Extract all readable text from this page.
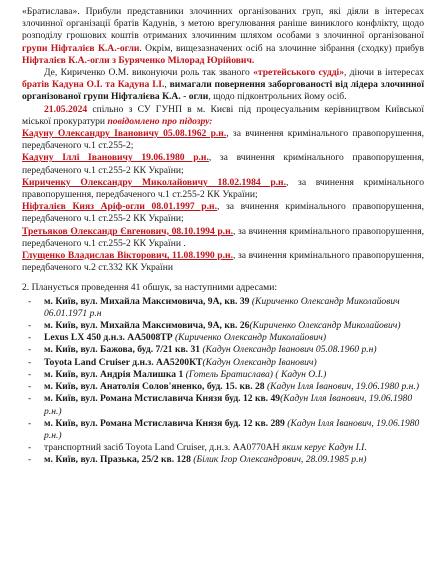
«Братиславa». Прибули представники злочинних організованих груп, які діяли в інтересах злочинної організації братів Кадунів, з метою врегулювання раніше виниклого конфлікту, щодо розподілу грошових коштів отриманих злочинним шляхом особами з злочинної організованої групи Ніфталієв К.А.-огли. Окрім, вищезазначених осіб на злочинне зібрання (сходку) прибув Ніфталієв К.А.-огли з Буряченко Мілорад Юрійович.

Де, Кириченко О.М. виконуючи роль так званого «третейського судді», діючи в інтересах братів Кадуна О.І. та Кадуна І.І., вимагали повернення заборгованості від лідера злочинної організованої групи Ніфталієва К.А. - огли, щодо підконтрольних йому осіб.

21.05.2024 спільно з СУ ГУНП в м. Києві під процесуальним керівництвом Київської міської прокуратури повідомлено про підозру:

Кадуну Олександру Івановичу 05.08.1962 р.н., за вчинення кримінального правопорушення, передбаченого ч.1 ст.255-2;

Кадуну Іллі Івановичу 19.06.1980 р.н., за вчинення кримінального правопорушення, передбаченого ч.1 ст.255-2 КК України;

Кириченку Олександру Миколайовичу 18.02.1984 р.н., за вчинення кримінального правопорушення, передбаченого ч.1 ст.255-2 КК України;

Ніфталієв Кияз Аріф-огли 08.01.1997 р.н., за вчинення кримінального правопорушення, передбаченого ч.1 ст.255-2 КК України;

Третьяков Олександр Євгенович, 08.10.1994 р.н., за вчинення кримінального правопорушення, передбаченого ч.1 ст.255-2 КК України .

Глущенко Владислав Вікторович, 11.08.1990 р.н., за вчинення кримінального правопорушення, передбаченого ч.2 ст.332 КК України

2. Планується проведення 41 обшук, за наступними адресами:

- м. Київ, вул. Михайла Максимовича, 9А, кв. 39 (Кириченко Олександр Миколайович 06.01.1971 р.н
- м. Київ, вул. Михайла Максимовича, 9А, кв. 26(Кириченко Олександр Миколайович)
- Lexus LX 450 д.н.з. АА5008ТР (Кириченко Олександр Миколайович)
- м. Київ, вул. Бажова, буд. 7/21 кв. 31 (Кадун Олександр Іванович 05.08.1960 р.н)
- Toyota Land Cruiser д.н.з. АА5200КТ(Кадун Олександр Іванович)
- м. Київ, вул. Андрія Малишка 1 (Готель Братислава) ( Кадун О.І.)
- м. Київ, вул. Анатолія Солов'яненко, буд. 15. кв. 28 (Кадун Ілля Іванович, 19.06.1980 р.н.)
- м. Київ, вул. Романа Мстиславича Князя буд. 12 кв. 49(Кадун Ілля Іванович, 19.06.1980 р.н.)
- м. Київ, вул. Романа Мстиславича Князя буд. 12 кв. 289 (Кадун Ілля Іванович, 19.06.1980 р.н.)
- транспортний засіб Toyota Land Cruiser, д.н.з. АА0770АН яким керує Кадун І.І.
- м. Київ, вул. Празька, 25/2 кв. 128 (Білик Ігор Олександрович, 28.09.1985 р.н)
